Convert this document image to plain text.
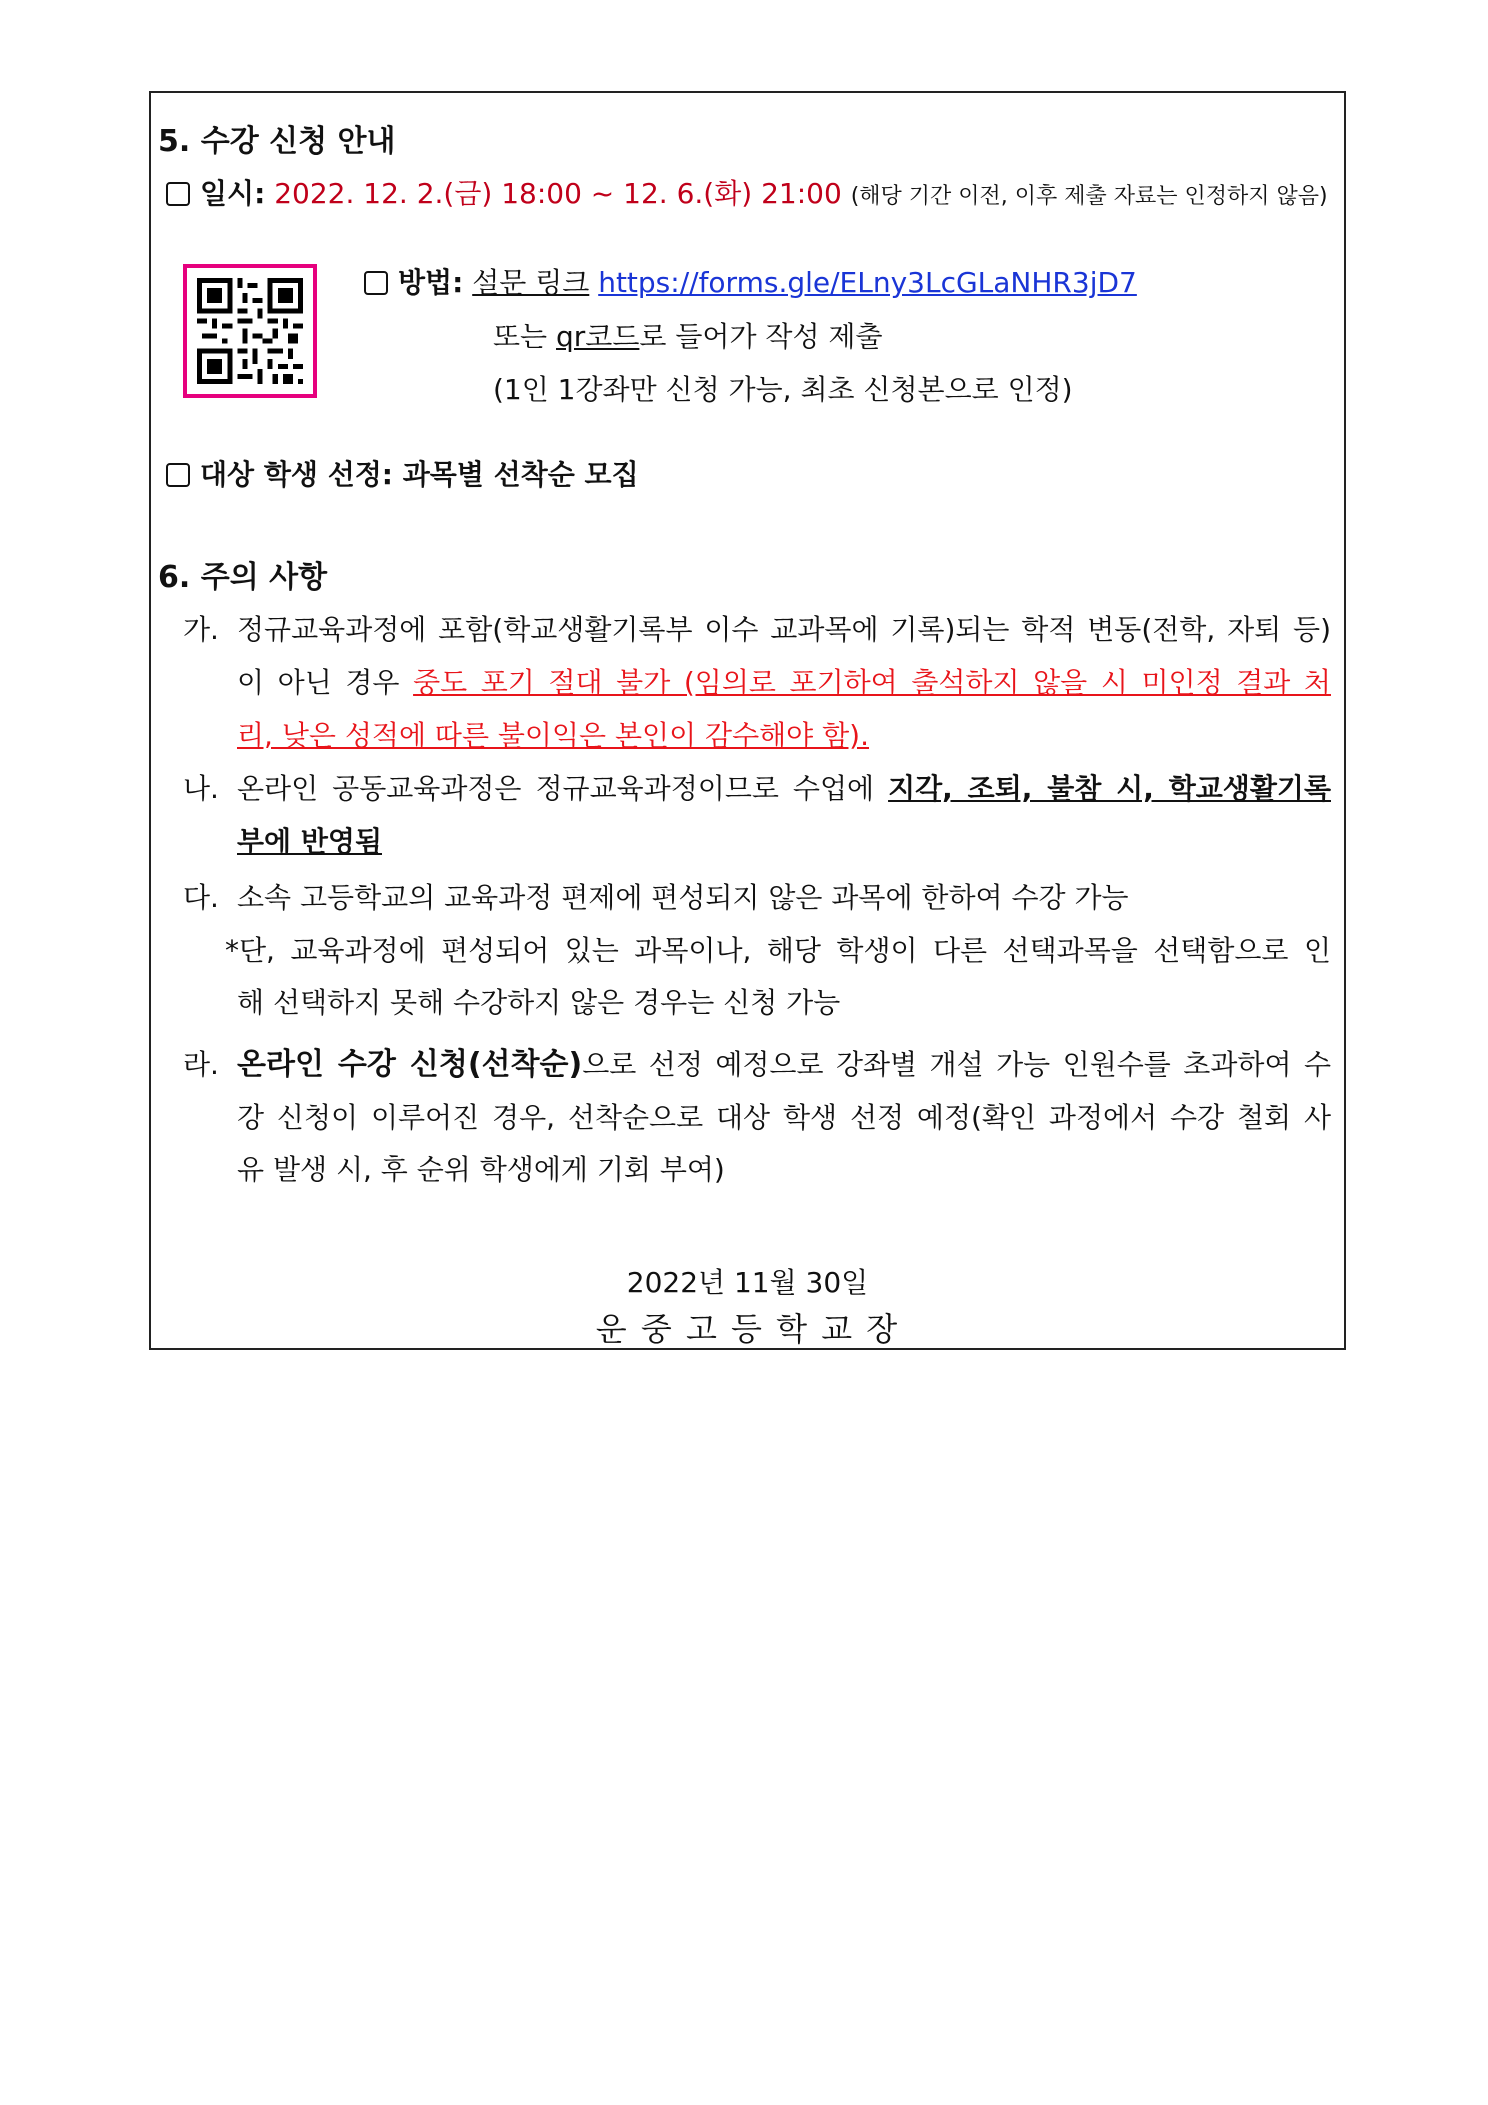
5. 수강 신청 안내
일시: 2022. 12. 2.(금) 18:00 ~ 12. 6.(화) 21:00 (해당 기간 이전, 이후 제출 자료는 인정하지 않음)
방법: 설문 링크 https://forms.gle/ELny3LcGLaNHR3jD7
또는 qr코드로 들어가 작성 제출
(1인 1강좌만 신청 가능, 최초 신청본으로 인정)
대상 학생 선정: 과목별 선착순 모집
6. 주의 사항
가. 정규교육과정에 포함(학교생활기록부 이수 교과목에 기록)되는 학적 변동(전학, 자퇴 등)
이 아닌 경우 중도 포기 절대 불가 (임의로 포기하여 출석하지 않을 시 미인정 결과 처
리, 낮은 성적에 따른 불이익은 본인이 감수해야 함).
나. 온라인 공동교육과정은 정규교육과정이므로 수업에 지각, 조퇴, 불참 시, 학교생활기록
부에 반영됨
다. 소속 고등학교의 교육과정 편제에 편성되지 않은 과목에 한하여 수강 가능
*단, 교육과정에 편성되어 있는 과목이나, 해당 학생이 다른 선택과목을 선택함으로 인
해 선택하지 못해 수강하지 않은 경우는 신청 가능
라. 온라인 수강 신청(선착순)으로 선정 예정으로 강좌별 개설 가능 인원수를 초과하여 수
강 신청이 이루어진 경우, 선착순으로 대상 학생 선정 예정(확인 과정에서 수강 철회 사
유 발생 시, 후 순위 학생에게 기회 부여)
2022년 11월 30일
운 중 고 등 학 교 장
